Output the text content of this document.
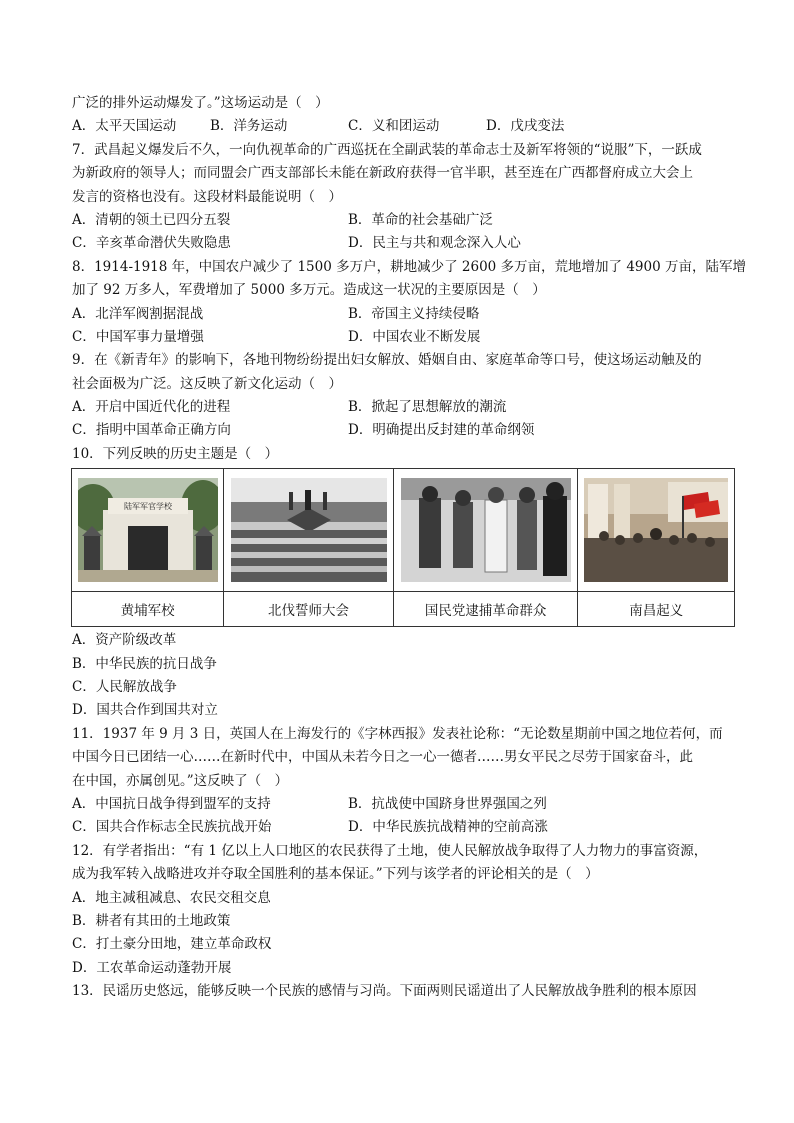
广泛的排外运动爆发了。”这场运动是（　）
A．太平天国运动	B．洋务运动	C．义和团运动	D．戊戌变法
7．武昌起义爆发后不久，一向仇视革命的广西巡抚在全副武装的革命志士及新军将领的“说服”下，一跃成
为新政府的领导人；而同盟会广西支部部长未能在新政府获得一官半职，甚至连在广西都督府成立大会上
发言的资格也没有。这段材料最能说明（　）
A．清朝的领土已四分五裂	B．革命的社会基础广泛
C．辛亥革命潜伏失败隐患	D．民主与共和观念深入人心
8．1914-1918 年，中国农户减少了 1500 多万户，耕地减少了 2600 多万亩，荒地增加了 4900 万亩，陆军增
加了 92 万多人，军费增加了 5000 多万元。造成这一状况的主要原因是（　）
A．北洋军阀割据混战	B．帝国主义持续侵略
C．中国军事力量增强	D．中国农业不断发展
9．在《新青年》的影响下，各地刊物纷纷提出妇女解放、婚姻自由、家庭革命等口号，使这场运动触及的
社会面极为广泛。这反映了新文化运动（　）
A．开启中国近代化的进程	B．掀起了思想解放的潮流
C．指明中国革命正确方向	D．明确提出反封建的革命纲领
10．下列反映的历史主题是（　）
陆军军官学校

黄埔军校	北伐誓师大会	国民党逮捕革命群众	南昌起义
A．资产阶级改革
B．中华民族的抗日战争
C．人民解放战争
D．国共合作到国共对立
11．1937 年 9 月 3 日，英国人在上海发行的《字林西报》发表社论称：“无论数星期前中国之地位若何，而
中国今日已团结一心……在新时代中，中国从未若今日之一心一德者……男女平民之尽劳于国家奋斗，此
在中国，亦属创见。”这反映了（　）
A．中国抗日战争得到盟军的支持	B．抗战使中国跻身世界强国之列
C．国共合作标志全民族抗战开始	D．中华民族抗战精神的空前高涨
12．有学者指出：“有 1 亿以上人口地区的农民获得了土地，使人民解放战争取得了人力物力的事富资源，
成为我军转入战略进攻并夺取全国胜利的基本保证。”下列与该学者的评论相关的是（　）
A．地主减租减息、农民交租交息
B．耕者有其田的土地政策
C．打土豪分田地，建立革命政权
D．工农革命运动蓬勃开展
13．民谣历史悠远，能够反映一个民族的感情与习尚。下面两则民谣道出了人民解放战争胜利的根本原因
